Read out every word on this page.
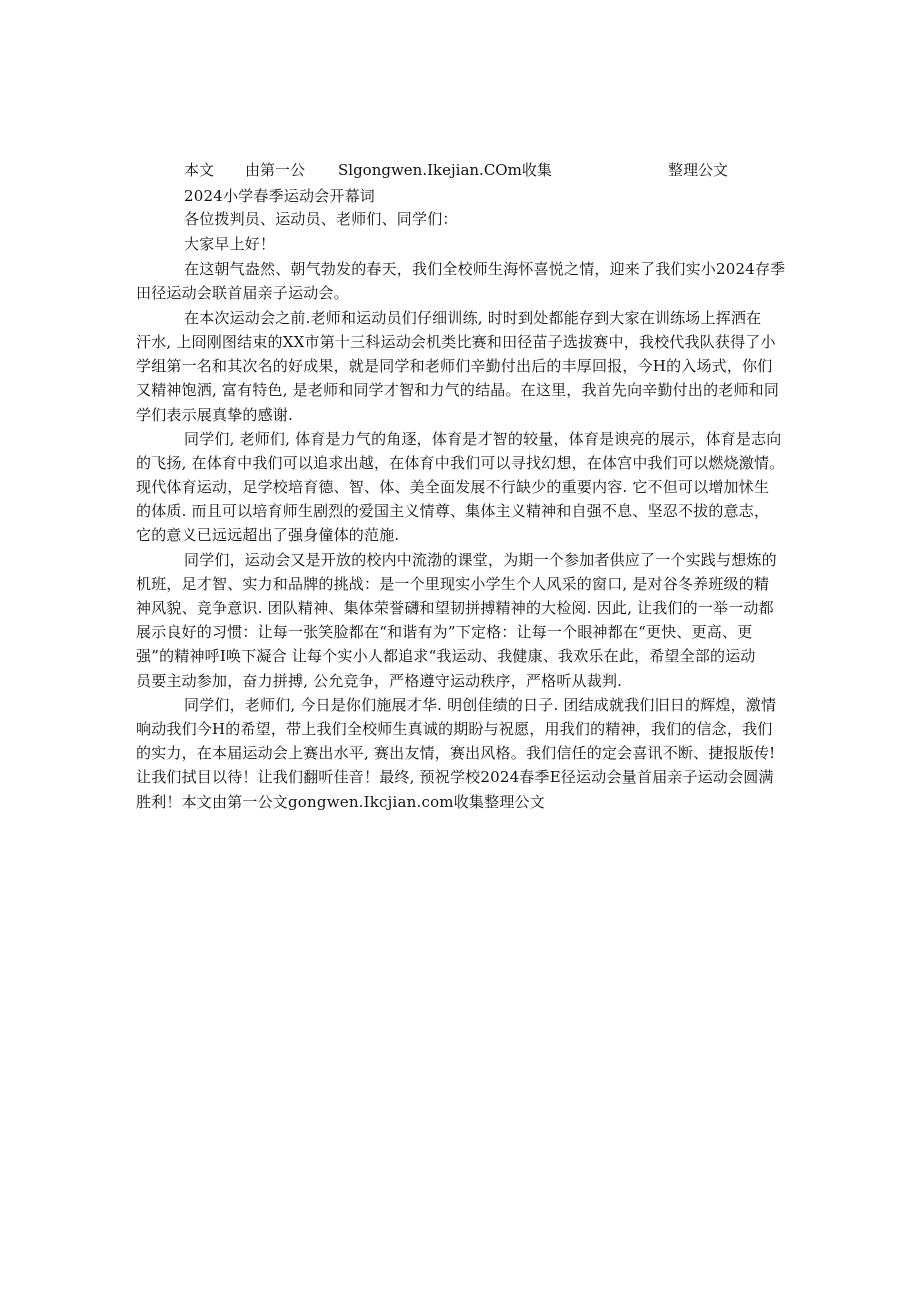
本文 由第一公 Slgongwen.Ikejian.COm收集	整理公文
2024小学春季运动会开幕词
各位拨判员、运动员、老师们、同学们：
大家早上好！
在这朝气盎然、朝气勃发的春天，我们全校师生海怀喜悦之情，迎来了我们实小2024存季
田径运动会联首届亲子运动会。
在本次运动会之前.老师和运动员们仔细训练, 时时到处都能存到大家在训练场上挥洒在
汗水, 上冏刚图结束的XX市第十三科运动会机类比赛和田径苗子选拔赛中，我校代我队获得了小
学组第一名和其次名的好成果，就是同学和老师们辛勤付出后的丰厚回报，今H的入场式，你们
又精神饱洒, 富有特色, 是老师和同学才智和力气的结晶。在这里，我首先向辛勤付出的老师和同
学们表示展真挚的感谢.
同学们, 老师们, 体育是力气的角逐，体育是才智的较量，体育是谀亮的展示，体育是志向
的飞扬, 在体育中我们可以追求出越，在体育中我们可以寻找幻想，在体宫中我们可以燃烧激情。
现代体育运动，足学校培育德、智、体、美全面发展不行缺少的重要内容. 它不但可以增加怵生
的体质. 而且可以培育师生剧烈的爱国主义情尊、集体主义精神和自强不息、坚忍不拔的意志，
它的意义已远远超出了强身僮体的范施.
同学们，运动会又是开放的校内中流渤的课堂，为期一个参加者供应了一个实践与想炼的
机班，足才智、实力和品牌的挑战：是一个里现实小学生个人风采的窗口, 是对谷冬养班级的精
神风貌、竞争意识. 团队精神、集体荣誉礴和望韧拼搏精神的大检阅. 因此, 让我们的一举一动都
展示良好的习惯：让每一张笑脸都在“和谐有为”下定格：让每一个眼神都在“更快、更高、更
强”的精神呼I唤下凝合 让每个实小人都追求“我运动、我健康、我欢乐在此，希望全部的运动
员要主动参加，奋力拼搏, 公允竞争，严格遵守运动秩序，严格听从裁判.
同学们，老师们, 今日是你们施展才华. 明创佳绩的日子. 团结成就我们旧日的辉煌，激情
响动我们今H的希望，带上我们全校师生真诚的期盼与祝愿，用我们的精神，我们的信念，我们
的实力，在本届运动会上赛出水平, 赛出友情，赛出风格。我们信任的定会喜讯不断、捷报版传!
让我们拭目以待！让我们翻听佳音！最终, 预祝学校2024春季E径运动会量首届亲子运动会圆满
胜利！本文由第一公文gongwen.Ikcjian.com收集整理公文
